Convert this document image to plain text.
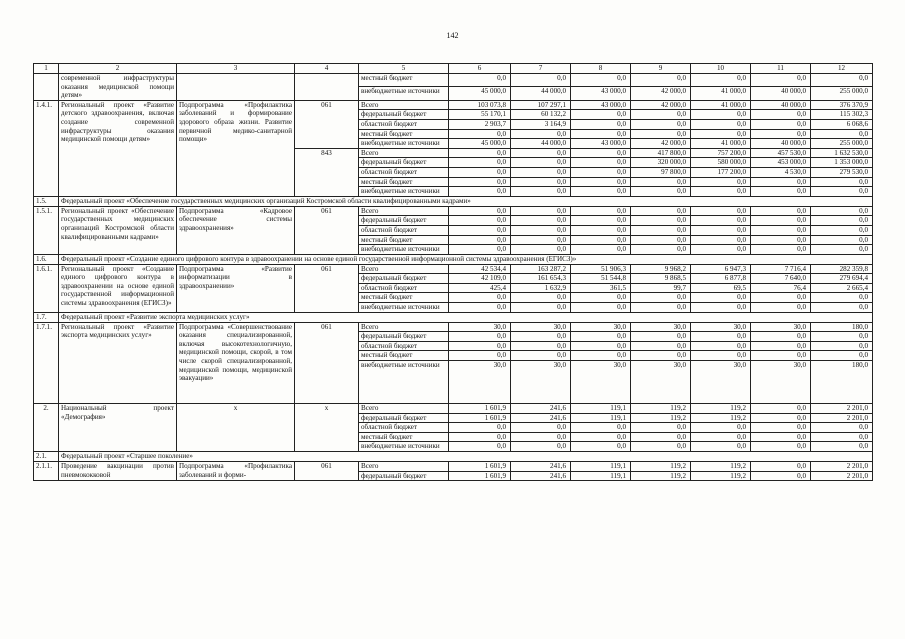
142
1	2	3	4	5	6	7	8	9	10	11	12
	современной инфраструктуры оказания медицинской помощи детям»			местный бюджет	0,0	0,0	0,0	0,0	0,0	0,0	0,0
				внебюджетные источники	45 000,0	44 000,0	43 000,0	42 000,0	41 000,0	40 000,0	255 000,0
1.4.1.	Региональный проект «Развитие детского здравоохранения, включая создание современной инфраструктуры оказания медицинской помощи детям»	Подпрограмма «Профилактика заболеваний и формирование здорового образа жизни. Развитие первичной медико-санитарной помощи»	061	Всего	103 073,8	107 297,1	43 000,0	42 000,0	41 000,0	40 000,0	376 370,9
				федеральный бюджет	55 170,1	60 132,2	0,0	0,0	0,0	0,0	115 302,3
				областной бюджет	2 903,7	3 164,9	0,0	0,0	0,0	0,0	6 068,6
				местный бюджет	0,0	0,0	0,0	0,0	0,0	0,0	0,0
				внебюджетные источники	45 000,0	44 000,0	43 000,0	42 000,0	41 000,0	40 000,0	255 000,0
			843	Всего	0,0	0,0	0,0	417 800,0	757 200,0	457 530,0	1 632 530,0
				федеральный бюджет	0,0	0,0	0,0	320 000,0	580 000,0	453 000,0	1 353 000,0
				областной бюджет	0,0	0,0	0,0	97 800,0	177 200,0	4 530,0	279 530,0
				местный бюджет	0,0	0,0	0,0	0,0	0,0	0,0	0,0
				внебюджетные источники	0,0	0,0	0,0	0,0	0,0	0,0	0,0
1.5.	Федеральный проект «Обеспечение государственных медицинских организаций Костромской области квалифицированными кадрами»										
1.5.1.	Региональный проект «Обеспечение государственных медицинских организаций Костромской области квалифицированными кадрами»	Подпрограмма «Кадровое обеспечение системы здравоохранения»	061	Всего	0,0	0,0	0,0	0,0	0,0	0,0	0,0
				федеральный бюджет	0,0	0,0	0,0	0,0	0,0	0,0	0,0
				областной бюджет	0,0	0,0	0,0	0,0	0,0	0,0	0,0
				местный бюджет	0,0	0,0	0,0	0,0	0,0	0,0	0,0
				внебюджетные источники	0,0	0,0	0,0	0,0	0,0	0,0	0,0
1.6.	Федеральный проект «Создание единого цифрового контура в здравоохранении на основе единой государственной информационной системы здравоохранения (ЕГИСЗ)»										
1.6.1.	Региональный проект «Создание единого цифрового контура в здравоохранении на основе единой государственной информационной системы здравоохранения (ЕГИСЗ)»	Подпрограмма «Развитие информатизации в здравоохранении»	061	Всего	42 534,4	163 287,2	51 906,3	9 968,2	6 947,3	7 716,4	282 359,8
				федеральный бюджет	42 109,0	161 654,3	51 544,8	9 868,5	6 877,8	7 640,0	279 694,4
				областной бюджет	425,4	1 632,9	361,5	99,7	69,5	76,4	2 665,4
				местный бюджет	0,0	0,0	0,0	0,0	0,0	0,0	0,0
				внебюджетные источники	0,0	0,0	0,0	0,0	0,0	0,0	0,0
1.7.	Федеральный проект «Развитие экспорта медицинских услуг»										
1.7.1.	Региональный проект «Развитие экспорта медицинских услуг»	Подпрограмма «Совершенствование оказания специализированной, включая высокотехнологичную, медицинской помощи, скорой, в том числе скорой специализированной, медицинской помощи, медицинской эвакуации»	061	Всего	30,0	30,0	30,0	30,0	30,0	30,0	180,0
				федеральный бюджет	0,0	0,0	0,0	0,0	0,0	0,0	0,0
				областной бюджет	0,0	0,0	0,0	0,0	0,0	0,0	0,0
				местный бюджет	0,0	0,0	0,0	0,0	0,0	0,0	0,0
				внебюджетные источники	30,0	30,0	30,0	30,0	30,0	30,0	180,0
2.	Национальный проект «Демография»	х	х	Всего	1 601,9	241,6	119,1	119,2	119,2	0,0	2 201,0
				федеральный бюджет	1 601,9	241,6	119,1	119,2	119,2	0,0	2 201,0
				областной бюджет	0,0	0,0	0,0	0,0	0,0	0,0	0,0
				местный бюджет	0,0	0,0	0,0	0,0	0,0	0,0	0,0
				внебюджетные источники	0,0	0,0	0,0	0,0	0,0	0,0	0,0
2.1.	Федеральный проект «Старшее поколение»										
2.1.1.	Проведение вакцинации против пневмококковой	Подпрограмма «Профилактика заболеваний и форми-	061	Всего	1 601,9	241,6	119,1	119,2	119,2	0,0	2 201,0
				федеральный бюджет	1 601,9	241,6	119,1	119,2	119,2	0,0	2 201,0
